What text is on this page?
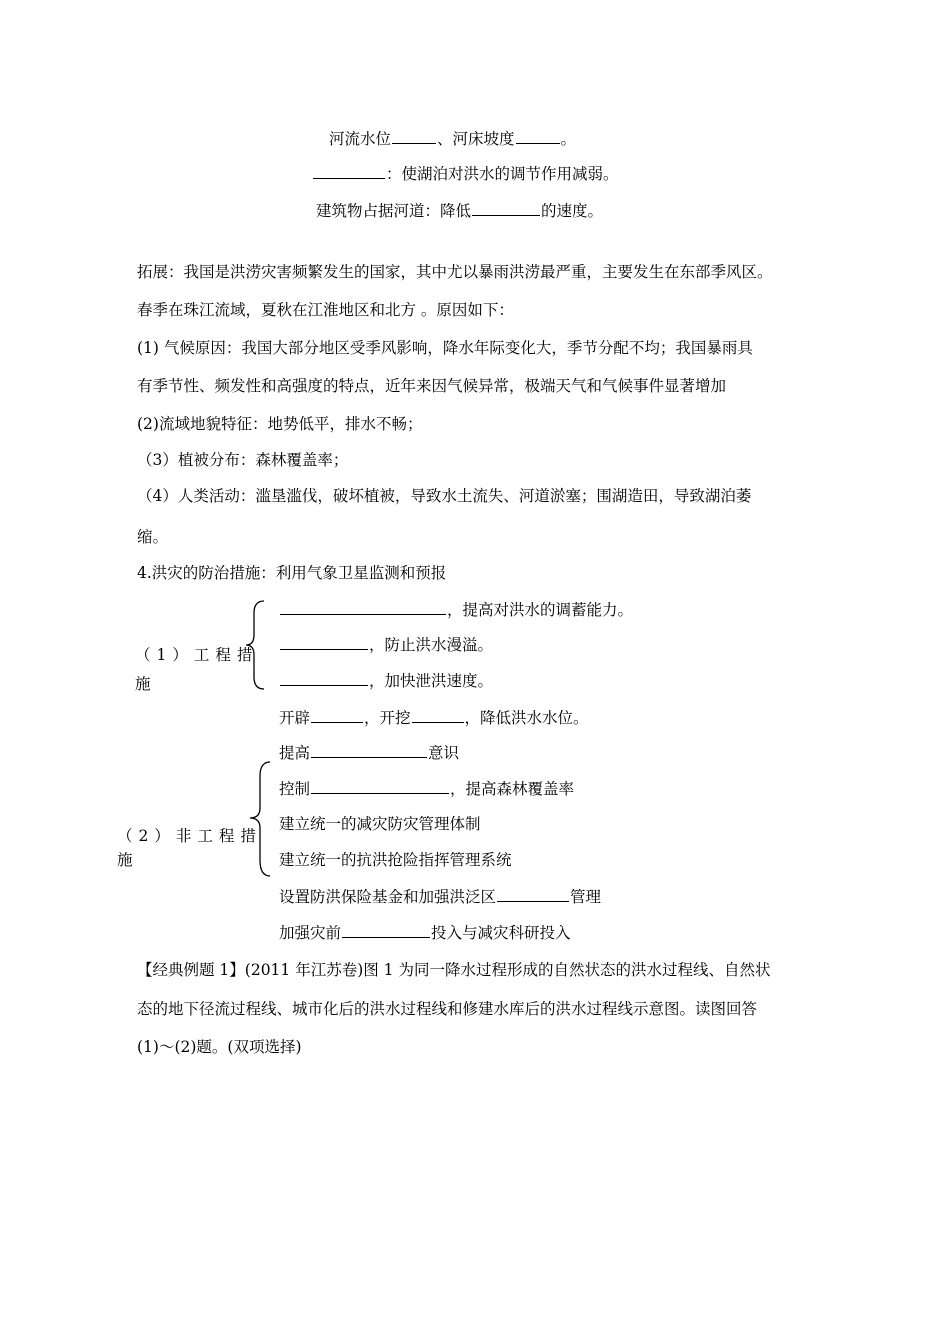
河流水位	、河床坡度	。
：使湖泊对洪水的调节作用减弱。
建筑物占据河道：降低	的速度。
拓展：我国是洪涝灾害频繁发生的国家，其中尤以暴雨洪涝最严重，主要发生在东部季风区。
春季在珠江流域，夏秋在江淮地区和北方 。原因如下：
(1) 气候原因：我国大部分地区受季风影响，降水年际变化大，季节分配不均；我国暴雨具
有季节性、频发性和高强度的特点，近年来因气候异常，极端天气和气候事件显著增加
(2)流域地貌特征：地势低平，排水不畅；
（3）植被分布：森林覆盖率；
（4）人类活动：滥垦滥伐，破坏植被，导致水土流失、河道淤塞；围湖造田，导致湖泊萎
缩。
4.洪灾的防治措施：利用气象卫星监测和预报
（1）工程措
施
，提高对洪水的调蓄能力。
，防止洪水漫溢。
，加快泄洪速度。
开辟	，开挖	，降低洪水水位。
（2）非工程措
施
提高	意识
控制	，提高森林覆盖率
建立统一的减灾防灾管理体制
建立统一的抗洪抢险指挥管理系统
设置防洪保险基金和加强洪泛区	管理
加强灾前	投入与减灾科研投入
【经典例题 1】(2011 年江苏卷)图 1 为同一降水过程形成的自然状态的洪水过程线、自然状
态的地下径流过程线、城市化后的洪水过程线和修建水库后的洪水过程线示意图。读图回答
(1)～(2)题。(双项选择)
